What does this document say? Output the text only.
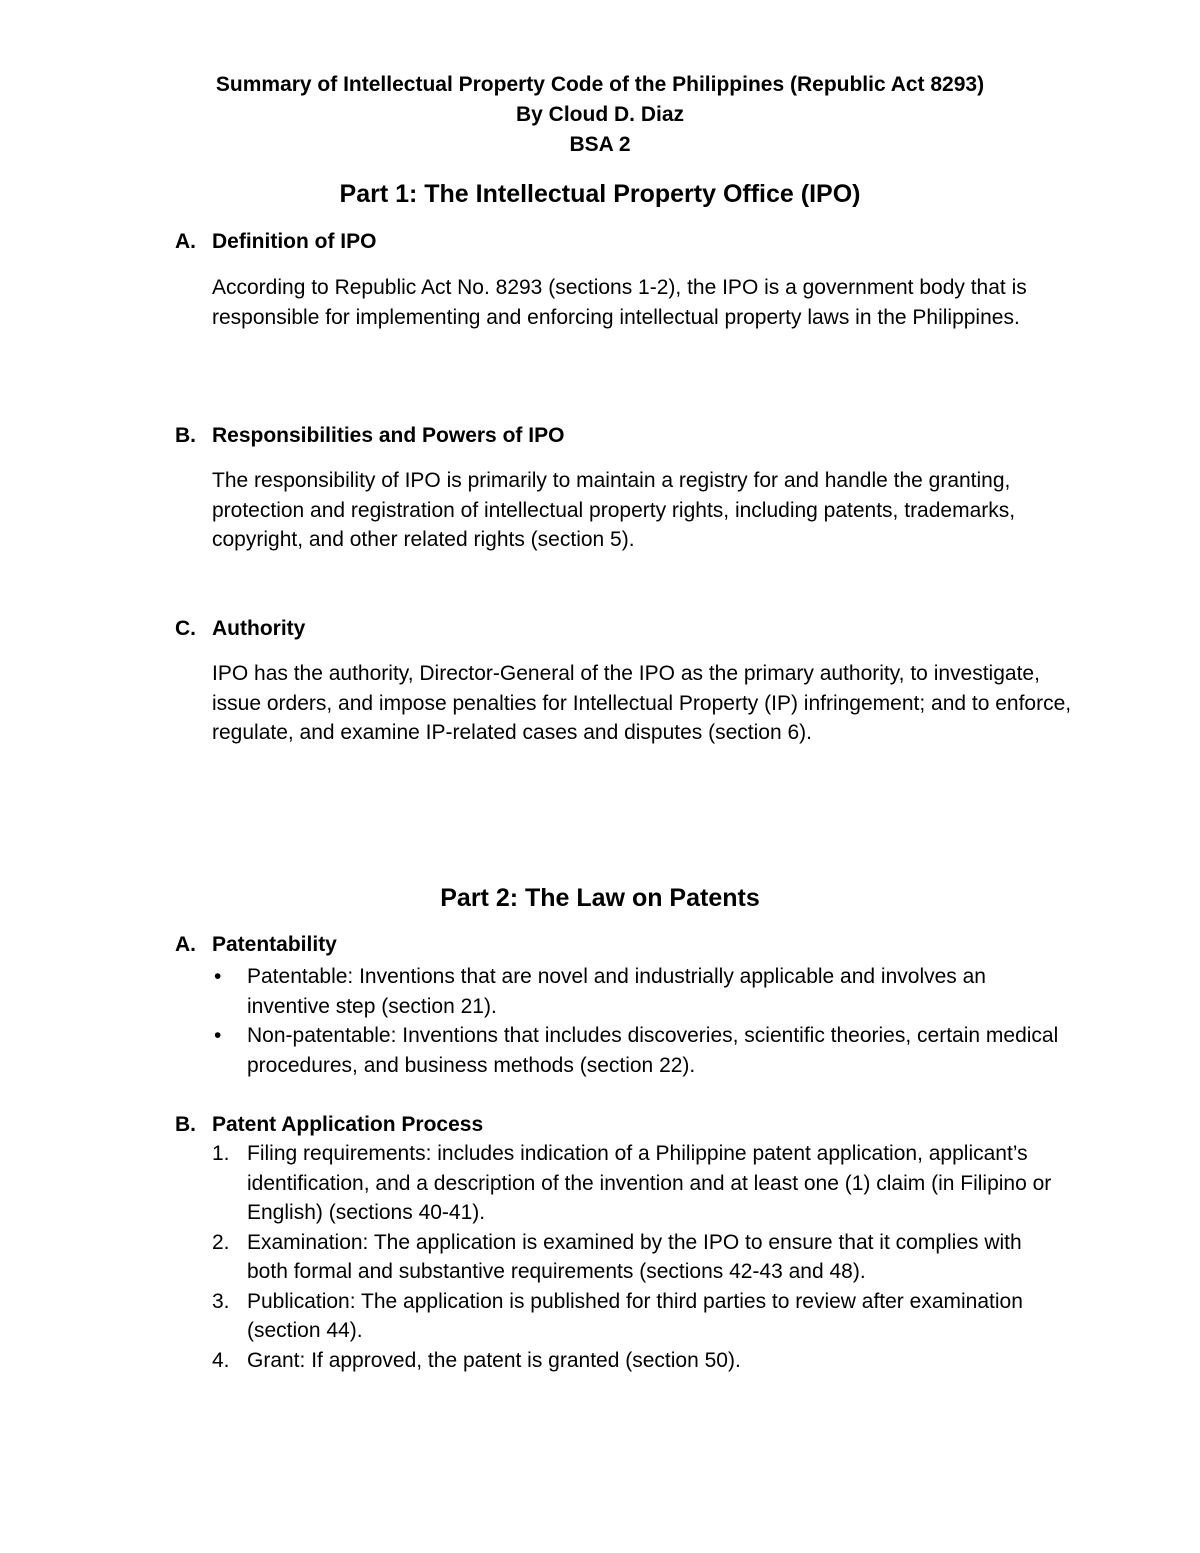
Summary of Intellectual Property Code of the Philippines (Republic Act 8293)
By Cloud D. Diaz
BSA 2
Part 1: The Intellectual Property Office (IPO)
A. Definition of IPO

According to Republic Act No. 8293 (sections 1-2), the IPO is a government body that is responsible for implementing and enforcing intellectual property laws in the Philippines.

B. Responsibilities and Powers of IPO

The responsibility of IPO is primarily to maintain a registry for and handle the granting, protection and registration of intellectual property rights, including patents, trademarks, copyright, and other related rights (section 5).

C. Authority

IPO has the authority, Director-General of the IPO as the primary authority, to investigate, issue orders, and impose penalties for Intellectual Property (IP) infringement; and to enforce, regulate, and examine IP-related cases and disputes (section 6).

Part 2: The Law on Patents
A. Patentability
• Patentable: Inventions that are novel and industrially applicable and involves an inventive step (section 21).
• Non-patentable: Inventions that includes discoveries, scientific theories, certain medical procedures, and business methods (section 22).
B. Patent Application Process
1. Filing requirements: includes indication of a Philippine patent application, applicant’s identification, and a description of the invention and at least one (1) claim (in Filipino or English) (sections 40-41).
2. Examination: The application is examined by the IPO to ensure that it complies with both formal and substantive requirements (sections 42-43 and 48).
3. Publication: The application is published for third parties to review after examination (section 44).
4. Grant: If approved, the patent is granted (section 50).
